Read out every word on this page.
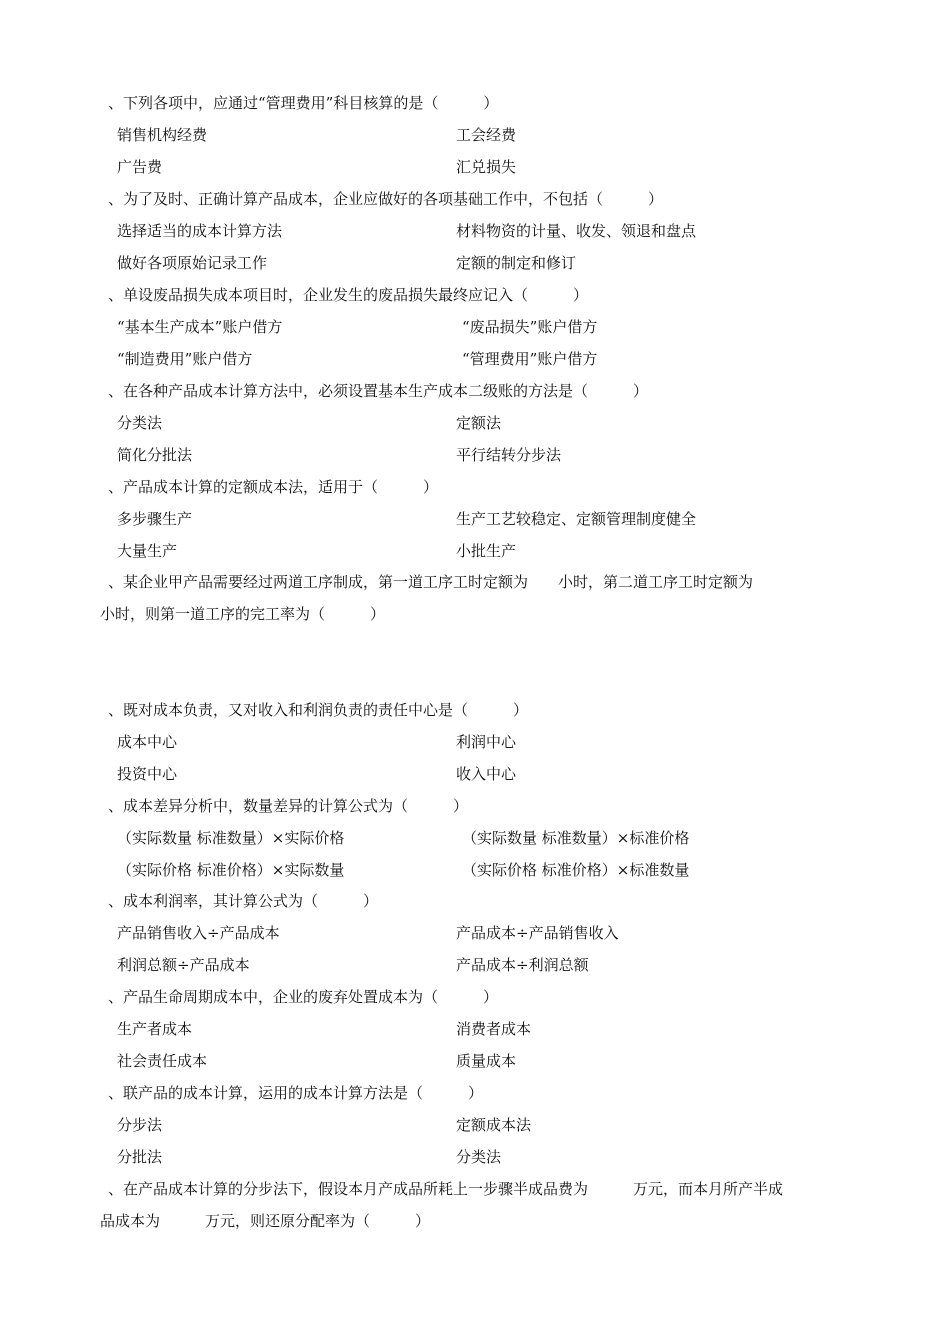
、下列各项中，应通过“管理费用”科目核算的是（　　　）
销售机构经费	工会经费
广告费	汇兑损失
、为了及时、正确计算产品成本，企业应做好的各项基础工作中，不包括（　　　）
选择适当的成本计算方法	材料物资的计量、收发、领退和盘点
做好各项原始记录工作	定额的制定和修订
、单设废品损失成本项目时，企业发生的废品损失最终应记入（　　　）
“基本生产成本”账户借方	“废品损失”账户借方
“制造费用”账户借方	“管理费用”账户借方
、在各种产品成本计算方法中，必须设置基本生产成本二级账的方法是（　　　）
分类法	定额法
简化分批法	平行结转分步法
、产品成本计算的定额成本法，适用于（　　　）
多步骤生产	生产工艺较稳定、定额管理制度健全
大量生产	小批生产
、某企业甲产品需要经过两道工序制成，第一道工序工时定额为　　小时，第二道工序工时定额为
小时，则第一道工序的完工率为（　　　）
、既对成本负责，又对收入和利润负责的责任中心是（　　　）
成本中心	利润中心
投资中心	收入中心
、成本差异分析中，数量差异的计算公式为（　　　）
（实际数量 标准数量）×实际价格	（实际数量 标准数量）×标准价格
（实际价格 标准价格）×实际数量	（实际价格 标准价格）×标准数量
、成本利润率，其计算公式为（　　　）
产品销售收入÷产品成本	产品成本÷产品销售收入
利润总额÷产品成本	产品成本÷利润总额
、产品生命周期成本中，企业的废弃处置成本为（　　　）
生产者成本	消费者成本
社会责任成本	质量成本
、联产品的成本计算，运用的成本计算方法是（　　　）
分步法	定额成本法
分批法	分类法
、在产品成本计算的分步法下，假设本月产成品所耗上一步骤半成品费为　　　万元，而本月所产半成
品成本为　　　万元，则还原分配率为（　　　）
